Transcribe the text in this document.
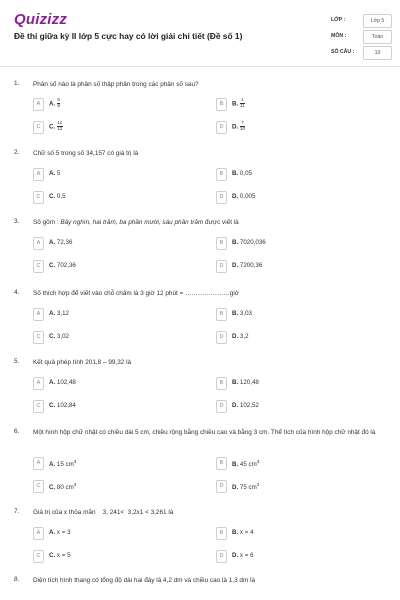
Quizizz
Đề thi giữa kỳ II lớp 5 cực hay có lời giải chi tiết (Đề số 1)
LỚP :	Lớp 5
MÔN :	Toán
SỐ CÂU :	10
1. Phân số nào là phân số thập phân trong các phân số sau?
A	A. $\frac{5}{8}$	B	B. $\frac{1}{11}$
C	C. $\frac{11}{12}$	D	D. $\frac{7}{10}$
2. Chữ số 5 trong số 34,157 có giá trị là
A	A. 5	B	B. 0,05
C	C. 0,5	D	D. 0,005
3. Số gồm : Bảy nghìn, hai trăm, ba phần mười, sáu phần trăm được viết là
A	A. 72,36	B	B. 7020,036
C	C. 702,36	D	D. 7200,36
4. Số thích hợp để viết vào chỗ chấm là 3 giờ 12 phút = …………………giờ
A	A. 3,12	B	B. 3,03
C	C. 3,02	D	D. 3,2
5. Kết quả phép tính 201,8 – 99,32 là
A	A. 102,48	B	B. 120,48
C	C. 102,84	D	D. 102,52
6. Một hình hộp chữ nhật có chiều dài 5 cm, chiều rộng bằng chiều cao và bằng 3 cm. Thể tích của hình hộp chữ nhật đó là
A	A. 15 $cm^3$	B	B. 45 $cm^3$
C	C. 80 $cm^3$	D	D. 75 $cm^3$
7. Giá trị của x thỏa mãn    3, 241<  3,2x1 < 3,261 là
A	A. x = 3	B	B. x = 4
C	C. x = 5	D	D. x = 6
8. Diện tích hình thang có tổng độ dài hai đáy là 4,2 dm và chiều cao là 1,3 dm là
